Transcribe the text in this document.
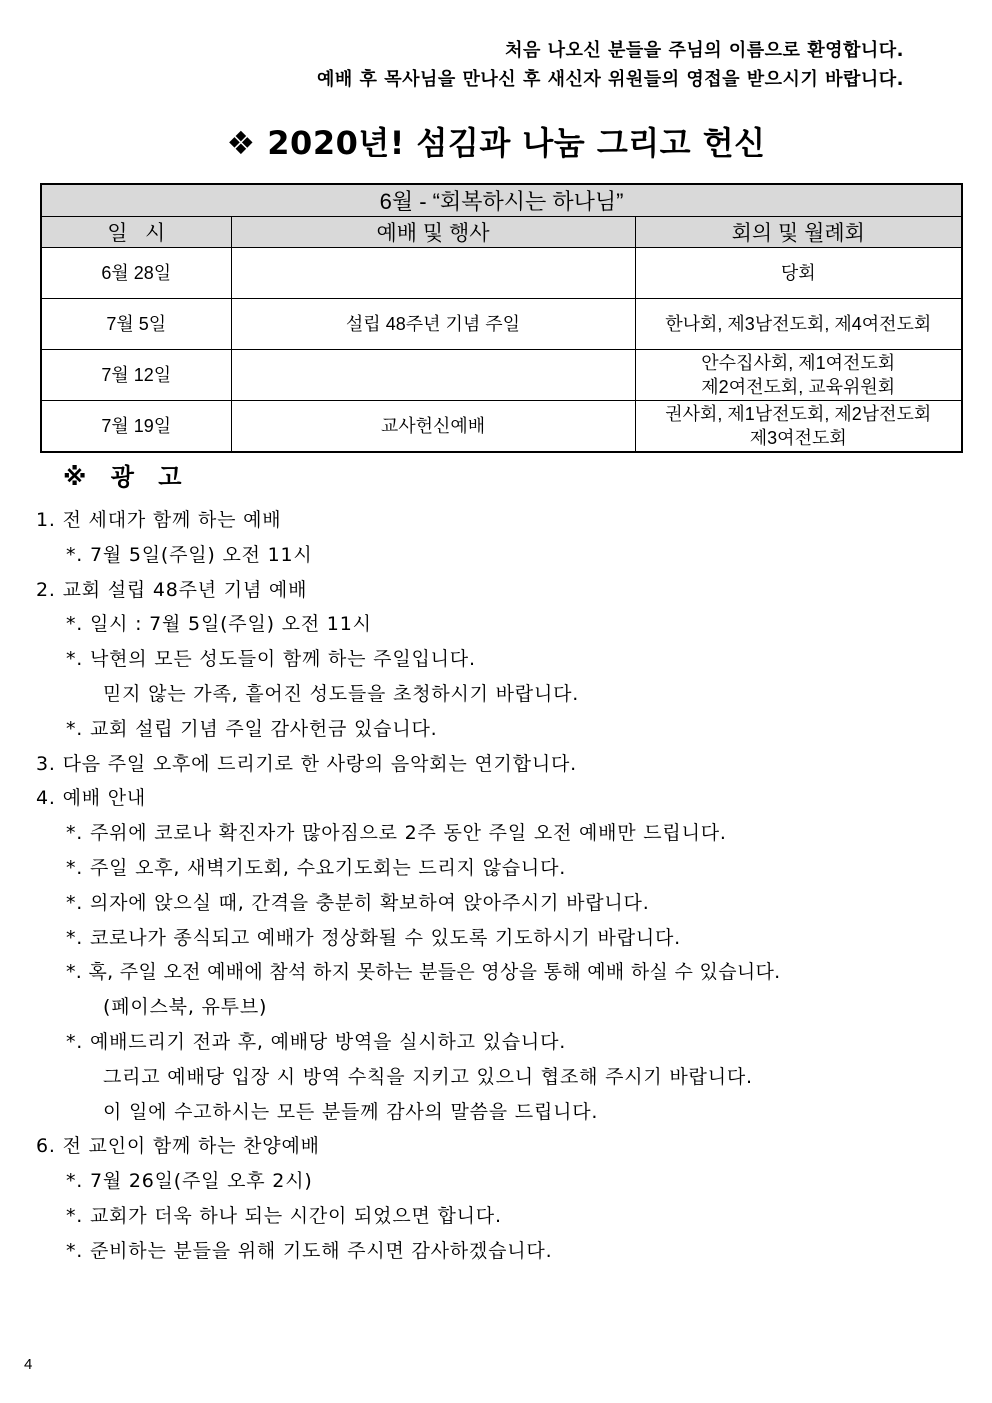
처음 나오신 분들을 주님의 이름으로 환영합니다.
예배 후 목사님을 만나신 후 새신자 위원들의 영접을 받으시기 바랍니다.
❖ 2020년! 섬김과 나눔 그리고 헌신
6월 - “회복하시는 하나님”		
일   시	예배 및 행사	회의 및 월례회
6월 28일		당회

7월 5일	설립 48주년 기념 주일	한나회, 제3남전도회, 제4여전도회

7월 12일		안수집사회, 제1여전도회
제2여전도회, 교육위원회

7월 19일	교사헌신예배	권사회, 제1남전도회, 제2남전도회
제3여전도회
※ 광 고
1. 전 세대가 함께 하는 예배
*. 7월 5일(주일) 오전 11시
2. 교회 설립 48주년 기념 예배
*. 일시 : 7월 5일(주일) 오전 11시
*. 낙현의 모든 성도들이 함께 하는 주일입니다.
믿지 않는 가족, 흩어진 성도들을 초청하시기 바랍니다.
*. 교회 설립 기념 주일 감사헌금 있습니다.
3. 다음 주일 오후에 드리기로 한 사랑의 음악회는 연기합니다.
4. 예배 안내
*. 주위에 코로나 확진자가 많아짐으로 2주 동안 주일 오전 예배만 드립니다.
*. 주일 오후, 새벽기도회, 수요기도회는 드리지 않습니다.
*. 의자에 앉으실 때, 간격을 충분히 확보하여 앉아주시기 바랍니다.
*. 코로나가 종식되고 예배가 정상화될 수 있도록 기도하시기 바랍니다.
*. 혹, 주일 오전 예배에 참석 하지 못하는 분들은 영상을 통해 예배 하실 수 있습니다.
(페이스북, 유투브)
*. 예배드리기 전과 후, 예배당 방역을 실시하고 있습니다.
그리고 예배당 입장 시 방역 수칙을 지키고 있으니 협조해 주시기 바랍니다.
이 일에 수고하시는 모든 분들께 감사의 말씀을 드립니다.
6. 전 교인이 함께 하는 찬양예배
*. 7월 26일(주일 오후 2시)
*. 교회가 더욱 하나 되는 시간이 되었으면 합니다.
*. 준비하는 분들을 위해 기도해 주시면 감사하겠습니다.
4
